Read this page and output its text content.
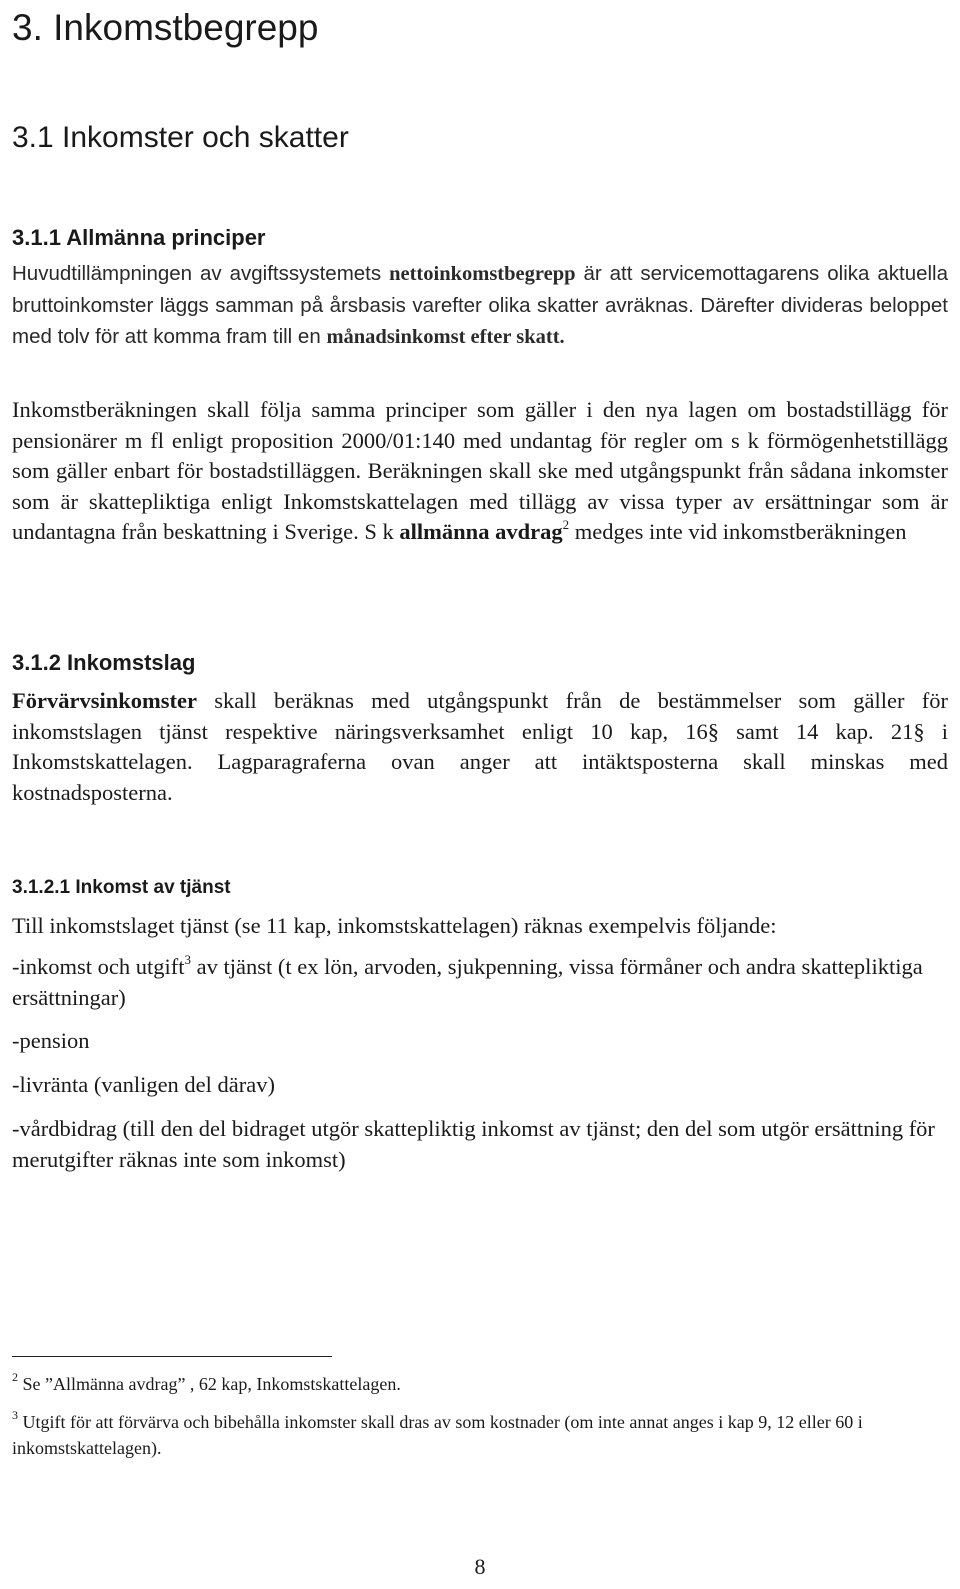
3. Inkomstbegrepp
3.1 Inkomster och skatter
3.1.1 Allmänna principer

Huvudtillämpningen av avgiftssystemets nettoinkomstbegrepp är att servicemottagarens olika aktuella bruttoinkomster läggs samman på årsbasis varefter olika skatter avräknas. Därefter divideras beloppet med tolv för att komma fram till en månadsinkomst efter skatt.

Inkomstberäkningen skall följa samma principer som gäller i den nya lagen om bostadstillägg för pensionärer m fl enligt proposition 2000/01:140 med undantag för regler om s k förmögenhetstillägg som gäller enbart för bostadstilläggen. Beräkningen skall ske med utgångspunkt från sådana inkomster som är skattepliktiga enligt Inkomstskattelagen med tillägg av vissa typer av ersättningar som är undantagna från beskattning i Sverige. S k allmänna avdrag$^2$ medges inte vid inkomstberäkningen

3.1.2 Inkomstslag

Förvärvsinkomster skall beräknas med utgångspunkt från de bestämmelser som gäller för inkomstslagen tjänst respektive näringsverksamhet enligt 10 kap, 16§ samt 14 kap. 21§ i Inkomstskattelagen. Lagparagraferna ovan anger att intäktsposterna skall minskas med kostnadsposterna.

3.1.2.1 Inkomst av tjänst

Till inkomstslaget tjänst (se 11 kap, inkomstskattelagen) räknas exempelvis följande:

-inkomst och utgift$^3$ av tjänst (t ex lön, arvoden, sjukpenning, vissa förmåner och andra skattepliktiga ersättningar)

-pension

-livränta (vanligen del därav)

-vårdbidrag (till den del bidraget utgör skattepliktig inkomst av tjänst; den del som utgör ersättning för merutgifter räknas inte som inkomst)

$^2$ Se ”Allmänna avdrag” , 62 kap, Inkomstskattelagen.

$^3$ Utgift för att förvärva och bibehålla inkomster skall dras av som kostnader (om inte annat anges i kap 9, 12 eller 60 i inkomstskattelagen).

8
